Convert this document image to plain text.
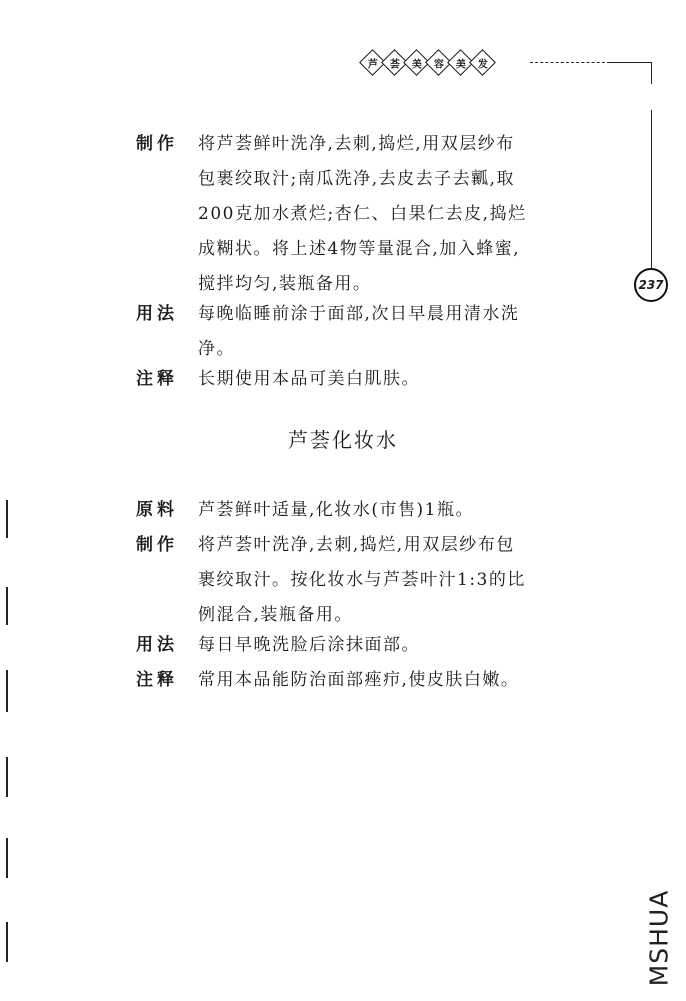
芦 荟 美 容 美 发
237
制作	将芦荟鲜叶洗净,去刺,捣烂,用双层纱布
包裹绞取汁;南瓜洗净,去皮去子去瓤,取
200克加水煮烂;杏仁、白果仁去皮,捣烂
成糊状。将上述4物等量混合,加入蜂蜜,
搅拌均匀,装瓶备用。
用法	每晚临睡前涂于面部,次日早晨用清水洗
净。
注释	长期使用本品可美白肌肤。
芦荟化妆水
原料	芦荟鲜叶适量,化妆水(市售)1瓶。
制作	将芦荟叶洗净,去刺,捣烂,用双层纱布包
裹绞取汁。按化妆水与芦荟叶汁1:3的比
例混合,装瓶备用。
用法	每日早晚洗脸后涂抹面部。
注释	常用本品能防治面部痤疖,使皮肤白嫩。
MSHUA
